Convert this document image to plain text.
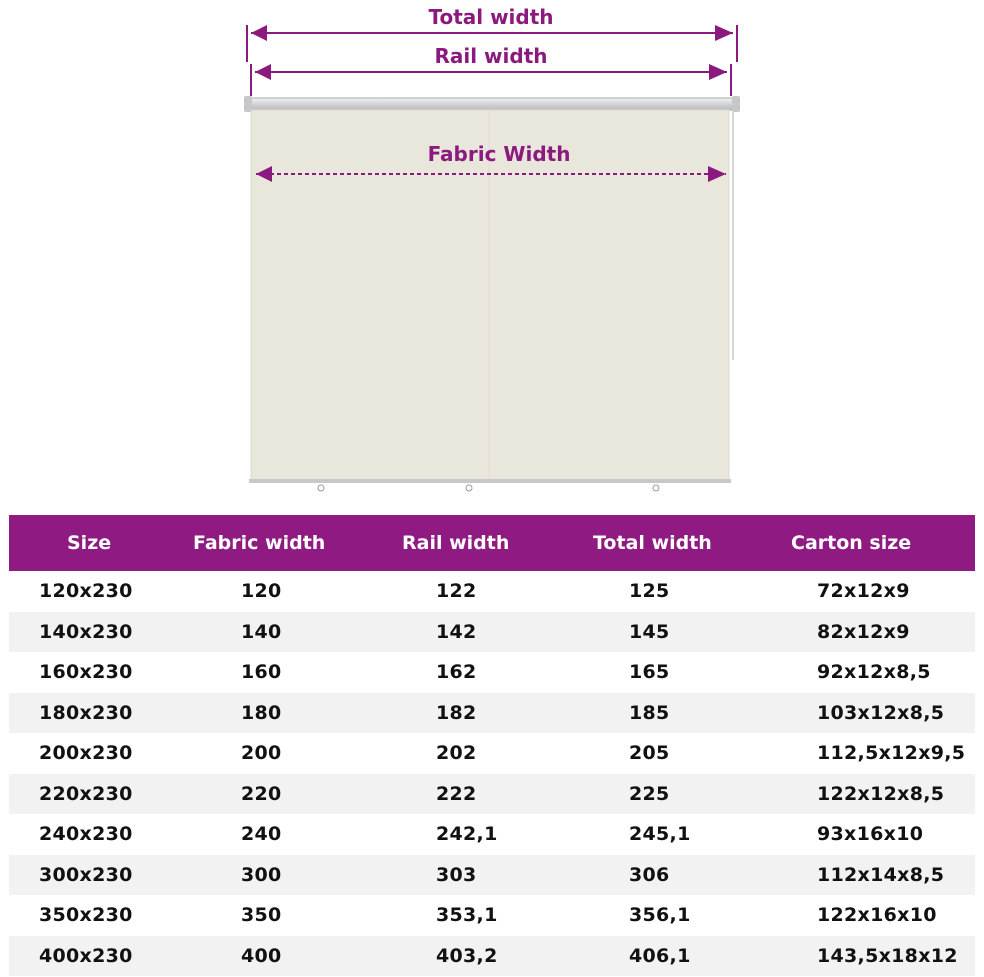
Total width
Rail width
Fabric Width
Size	Fabric width	Rail width	Total width	Carton size
120x230	120	122	125	72x12x9
140x230	140	142	145	82x12x9
160x230	160	162	165	92x12x8,5
180x230	180	182	185	103x12x8,5
200x230	200	202	205	112,5x12x9,5
220x230	220	222	225	122x12x8,5
240x230	240	242,1	245,1	93x16x10
300x230	300	303	306	112x14x8,5
350x230	350	353,1	356,1	122x16x10
400x230	400	403,2	406,1	143,5x18x12
